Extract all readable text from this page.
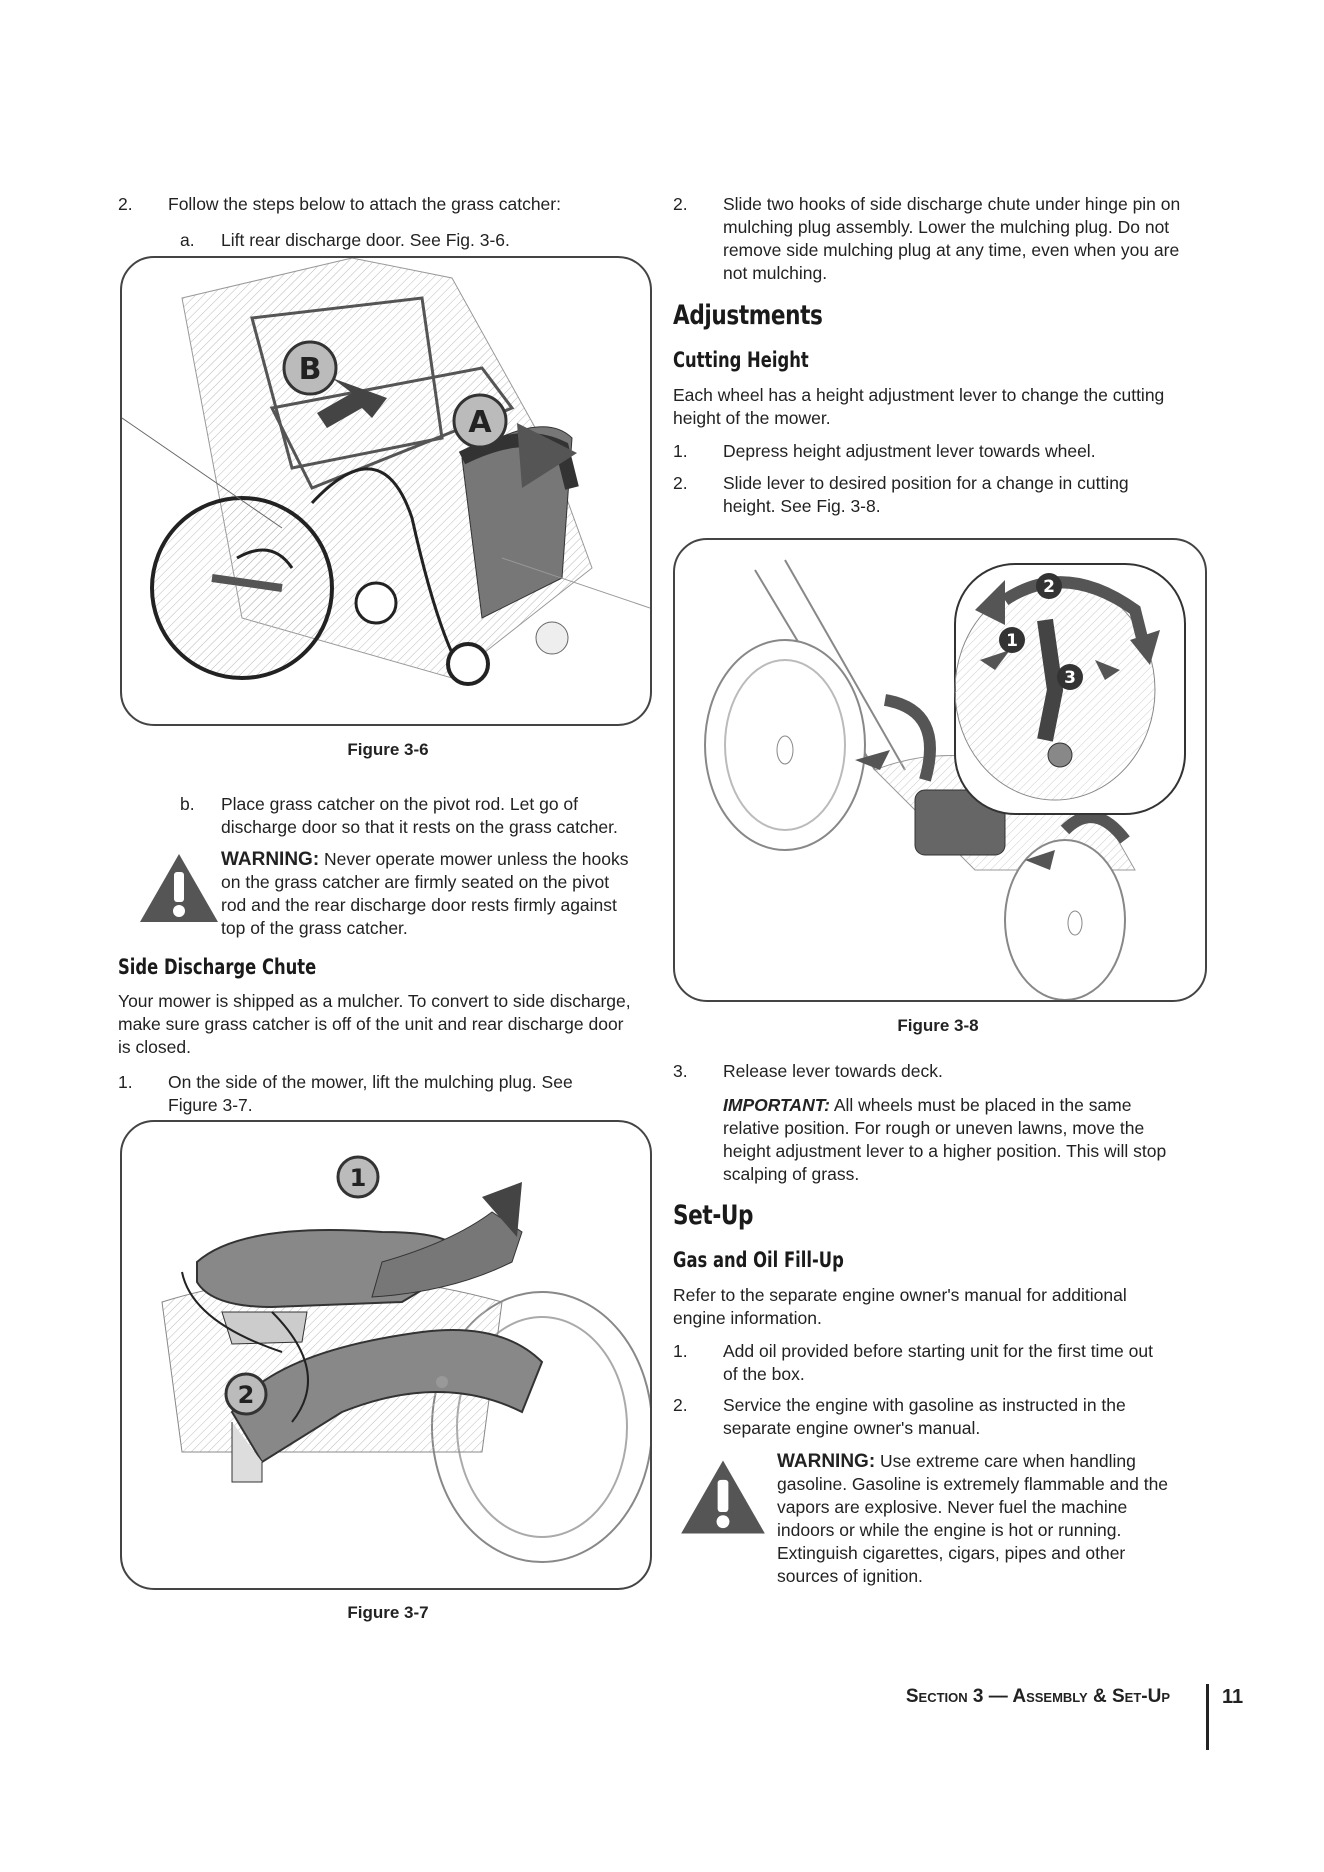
2. Follow the steps below to attach the grass catcher:
a. Lift rear discharge door. See Fig. 3-6.
B
A
Figure 3-6
b. Place grass catcher on the pivot rod. Let go of
discharge door so that it rests on the grass catcher.
WARNING: Never operate mower unless the hooks
on the grass catcher are firmly seated on the pivot
rod and the rear discharge door rests firmly against
top of the grass catcher.
Side Discharge Chute
Your mower is shipped as a mulcher. To convert to side discharge,
make sure grass catcher is off of the unit and rear discharge door
is closed.
1. On the side of the mower, lift the mulching plug. See
Figure 3-7.
1
2
Figure 3-7
2. Slide two hooks of side discharge chute under hinge pin on
mulching plug assembly. Lower the mulching plug. Do not
remove side mulching plug at any time, even when you are
not mulching.
Adjustments
Cutting Height
Each wheel has a height adjustment lever to change the cutting
height of the mower.
1. Depress height adjustment lever towards wheel.
2. Slide lever to desired position for a change in cutting
height. See Fig. 3-8.
2
1
3
Figure 3-8
3. Release lever towards deck.
IMPORTANT: All wheels must be placed in the same
relative position. For rough or uneven lawns, move the
height adjustment lever to a higher position. This will stop
scalping of grass.
Set-Up
Gas and Oil Fill-Up
Refer to the separate engine owner's manual for additional
engine information.
1. Add oil provided before starting unit for the first time out
of the box.
2. Service the engine with gasoline as instructed in the
separate engine owner's manual.
WARNING: Use extreme care when handling
gasoline. Gasoline is extremely flammable and the
vapors are explosive. Never fuel the machine
indoors or while the engine is hot or running.
Extinguish cigarettes, cigars, pipes and other
sources of ignition.
Section 3 — Assembly & Set-Up	11
